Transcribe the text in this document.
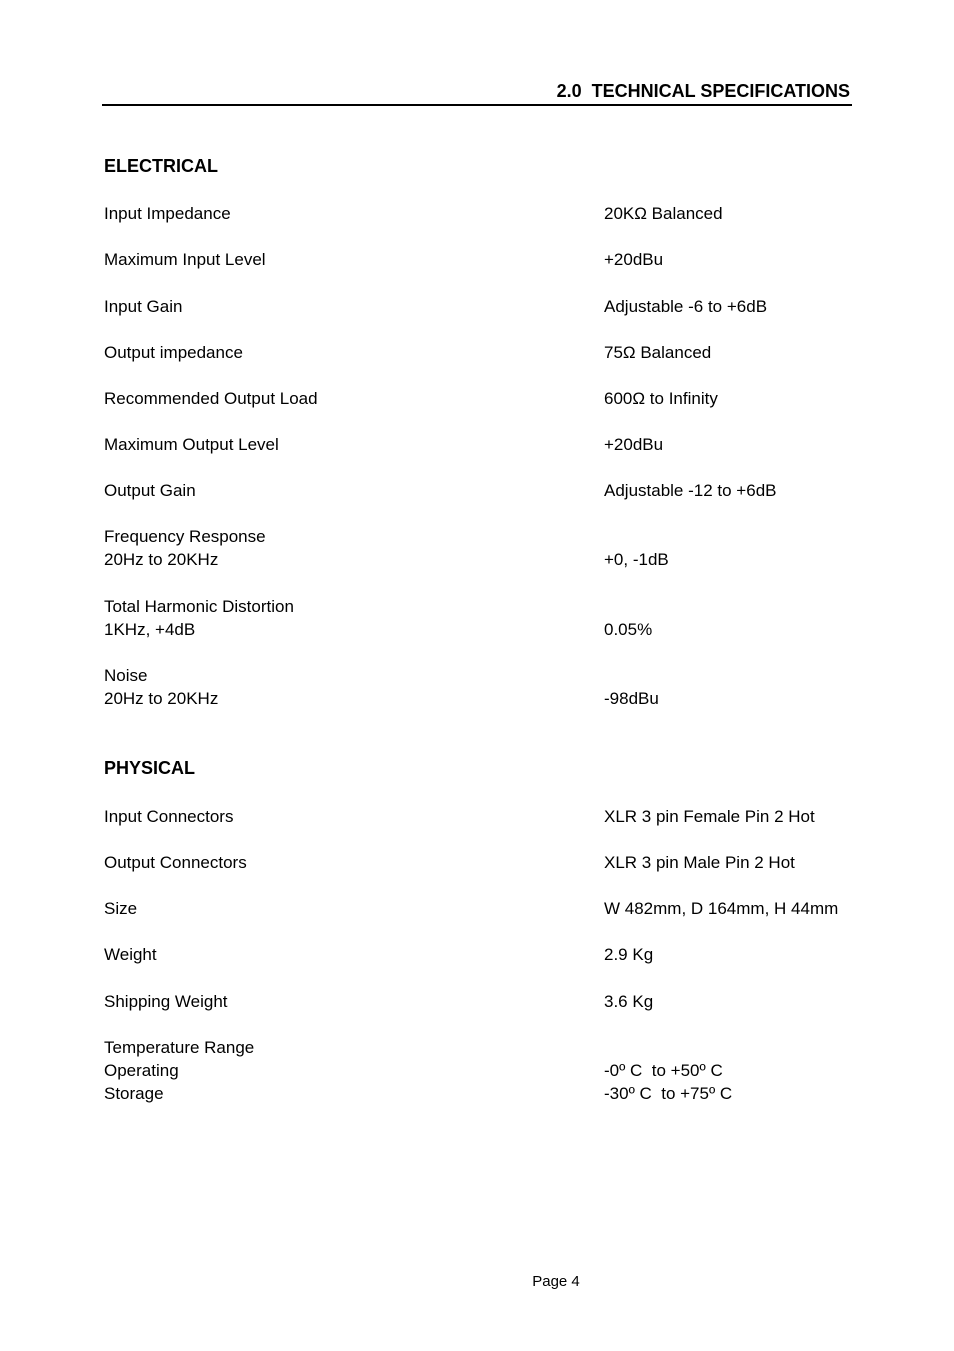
2.0  TECHNICAL SPECIFICATIONS
ELECTRICAL
Input Impedance	20KΩ Balanced
Maximum Input Level	+20dBu
Input Gain	Adjustable -6 to +6dB
Output impedance	75Ω Balanced
Recommended Output Load	600Ω to Infinity
Maximum Output Level	+20dBu
Output Gain	Adjustable -12 to +6dB
Frequency Response
20Hz to 20KHz	+0, -1dB
Total Harmonic Distortion
1KHz, +4dB	0.05%
Noise
20Hz to 20KHz	-98dBu
PHYSICAL
Input Connectors	XLR 3 pin Female Pin 2 Hot
Output Connectors	XLR 3 pin Male Pin 2 Hot
Size	W 482mm, D 164mm, H 44mm
Weight	2.9 Kg
Shipping Weight	3.6 Kg
Temperature Range
Operating	-0º C  to +50º C
Storage	-30º C  to +75º C
Page 4
